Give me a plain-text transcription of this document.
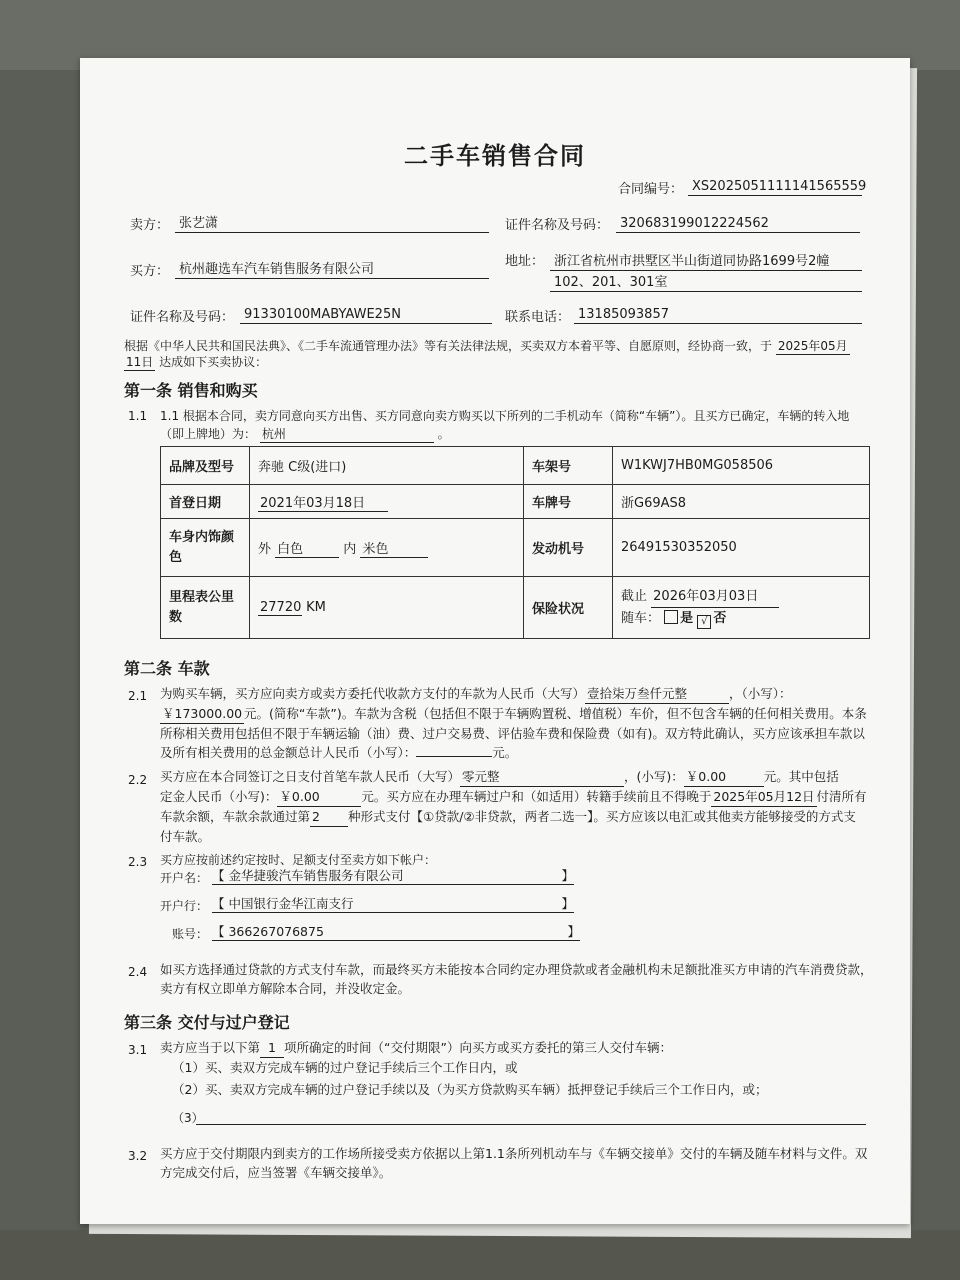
二手车销售合同
合同编号： XS2025051111141565559
卖方： 张艺潇	证件名称及号码： 320683199012224562
买方： 杭州趣选车汽车销售服务有限公司
地址： 浙江省杭州市拱墅区半山街道同协路1699号2幢
102、201、301室
证件名称及号码： 91330100MABYAWE25N	联系电话： 13185093857
根据《中华人民共和国民法典》、《二手车流通管理办法》等有关法律法规，买卖双方本着平等、自愿原则，经协商一致，于 2025年05月
11日 达成如下买卖协议：
第一条 销售和购买
1.1 1.1 根据本合同，卖方同意向买方出售、买方同意向卖方购买以下所列的二手机动车（简称“车辆”）。且买方已确定，车辆的转入地
（即上牌地）为： 杭州	。
品牌及型号	奔驰 C级(进口)	车架号	W1KWJ7HB0MG058506
首登日期	2021年03月18日	车牌号	浙G69AS8
车身内饰颜色	外 白色 内 米色	发动机号	26491530352050
里程表公里数	27720 KM	保险状况	截止 2026年03月03日
随车： 是 √ 否
第二条 车款
2.1 为购买车辆，买方应向卖方或卖方委托代收款方支付的车款为人民币（大写） 壹拾柒万叁仟元整	，（小写）：
￥173000.00 元。(简称“车款”)。车款为含税（包括但不限于车辆购置税、增值税）车价，但不包含车辆的任何相关费用。本条
所称相关费用包括但不限于车辆运输（油）费、过户交易费、评估验车费和保险费（如有)。双方特此确认，买方应该承担车款以
及所有相关费用的总金额总计人民币（小写）：	元。
2.2 买方应在本合同签订之日支付首笔车款人民币（大写） 零元整	，(小写)： ￥0.00	元。其中包括
定金人民币（小写)： ￥0.00	元。买方应在办理车辆过户和（如适用）转籍手续前且不得晚于 2025年05月12日 付清所有
车款余额，车款余款通过第 2 种形式支付【①贷款/②非贷款，两者二选一】。买方应该以电汇或其他卖方能够接受的方式支
付车款。
2.3 买方应按前述约定按时、足额支付至卖方如下帐户：
开户名： 【 金华捷骏汽车销售服务有限公司	】
开户行： 【 中国银行金华江南支行	】
账号： 【 366267076875	】
2.4 如买方选择通过贷款的方式支付车款，而最终买方未能按本合同约定办理贷款或者金融机构未足额批准买方申请的汽车消费贷款，
卖方有权立即单方解除本合同，并没收定金。
第三条 交付与过户登记
3.1 卖方应当于以下第 1 项所确定的时间（“交付期限”）向买方或买方委托的第三人交付车辆：
（1）买、卖双方完成车辆的过户登记手续后三个工作日内，或
（2）买、卖双方完成车辆的过户登记手续以及（为买方贷款购买车辆）抵押登记手续后三个工作日内，或；
（3）
3.2 买方应于交付期限内到卖方的工作场所接受卖方依据以上第1.1条所列机动车与《车辆交接单》交付的车辆及随车材料与文件。双
方完成交付后，应当签署《车辆交接单》。
